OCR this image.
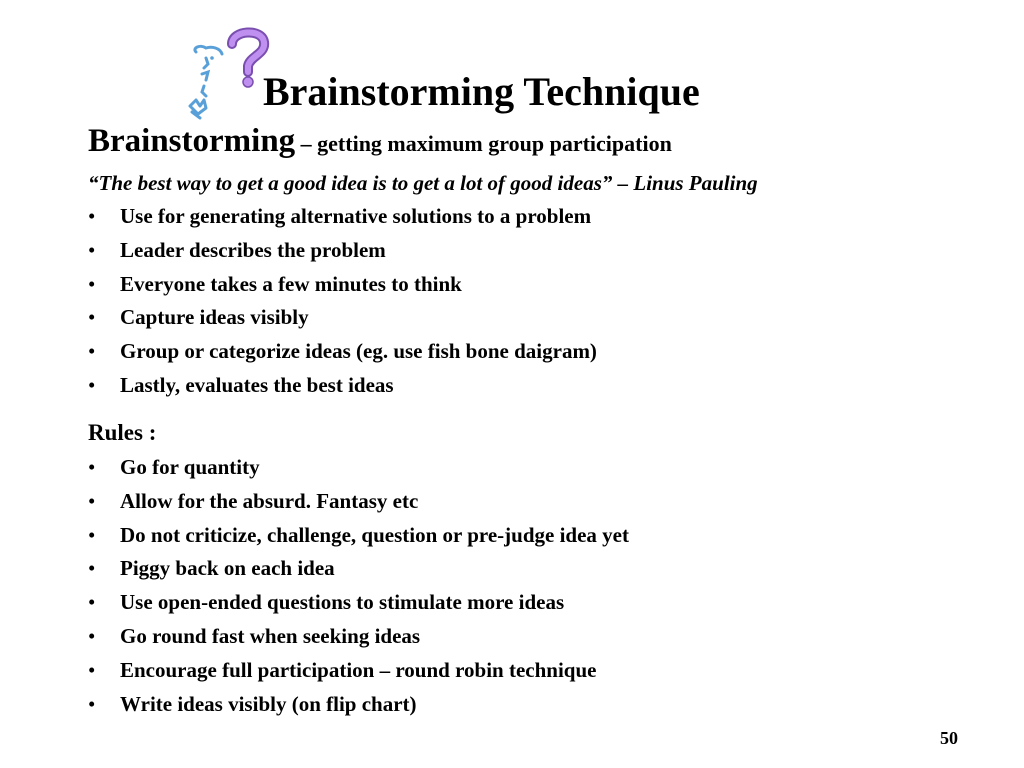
Brainstorming Technique
Brainstorming – getting maximum group participation
“The best way to get a good idea is to get a lot of good ideas” – Linus Pauling
• Use for generating alternative solutions to a problem
• Leader describes the problem
• Everyone takes a few minutes to think
• Capture ideas visibly
• Group or categorize ideas (eg. use fish bone daigram)
• Lastly, evaluates the best ideas
Rules :
• Go for quantity
• Allow for the absurd. Fantasy etc
• Do not criticize, challenge, question or pre-judge idea yet
• Piggy back on each idea
• Use open-ended questions to stimulate more ideas
• Go round fast when seeking ideas
• Encourage full participation – round robin technique
• Write ideas visibly (on flip chart)
50
